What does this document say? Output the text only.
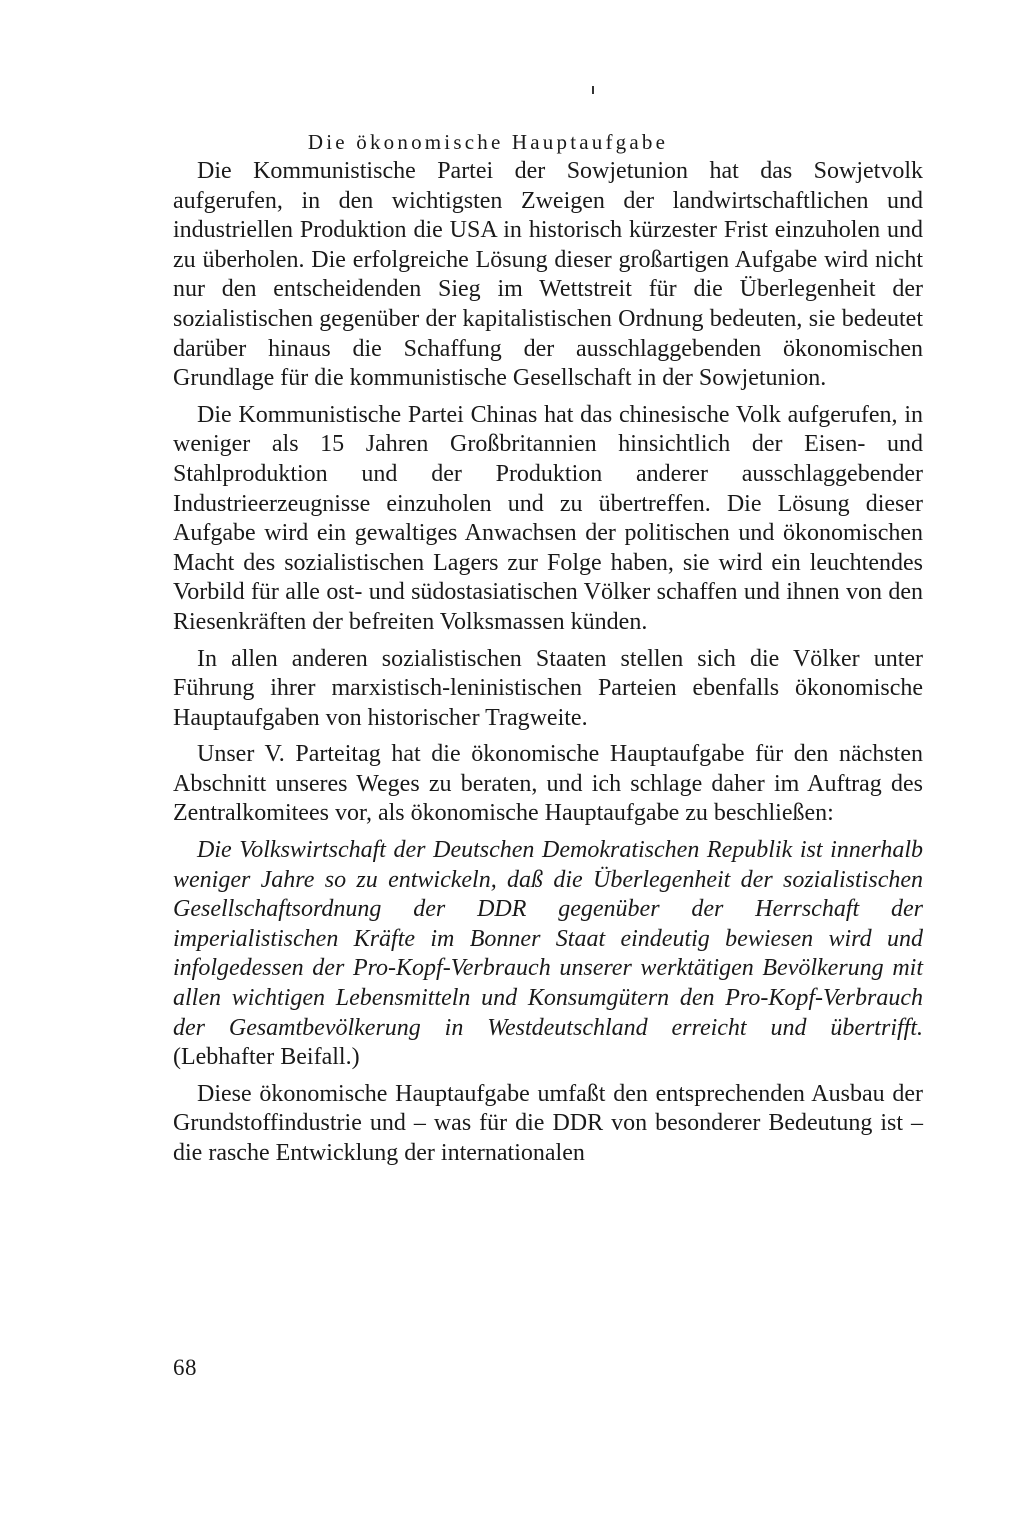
Die ökonomische Hauptaufgabe

Die Kommunistische Partei der Sowjetunion hat das Sowjetvolk aufgerufen, in den wichtigsten Zweigen der landwirtschaftlichen und industriellen Produktion die USA in historisch kürzester Frist einzuholen und zu überholen. Die erfolgreiche Lösung dieser großartigen Aufgabe wird nicht nur den entscheidenden Sieg im Wettstreit für die Überlegenheit der sozialistischen gegenüber der kapitalistischen Ordnung bedeuten, sie bedeutet darüber hinaus die Schaffung der ausschlaggebenden ökonomischen Grundlage für die kommunistische Gesellschaft in der Sowjetunion.

Die Kommunistische Partei Chinas hat das chinesische Volk aufgerufen, in weniger als 15 Jahren Großbritannien hinsichtlich der Eisen- und Stahlproduktion und der Produktion anderer ausschlaggebender Industrieerzeugnisse einzuholen und zu übertreffen. Die Lösung dieser Aufgabe wird ein gewaltiges Anwachsen der politischen und ökonomischen Macht des sozialistischen Lagers zur Folge haben, sie wird ein leuchtendes Vorbild für alle ost- und südostasiatischen Völker schaffen und ihnen von den Riesenkräften der befreiten Volksmassen künden.

In allen anderen sozialistischen Staaten stellen sich die Völker unter Führung ihrer marxistisch-leninistischen Parteien ebenfalls ökonomische Hauptaufgaben von historischer Tragweite.

Unser V. Parteitag hat die ökonomische Hauptaufgabe für den nächsten Abschnitt unseres Weges zu beraten, und ich schlage daher im Auftrag des Zentralkomitees vor, als ökonomische Hauptaufgabe zu beschließen:

Die Volkswirtschaft der Deutschen Demokratischen Republik ist innerhalb weniger Jahre so zu entwickeln, daß die Überlegenheit der sozialistischen Gesellschaftsordnung der DDR gegenüber der Herrschaft der imperialistischen Kräfte im Bonner Staat eindeutig bewiesen wird und infolgedessen der Pro-Kopf-Verbrauch unserer werktätigen Bevölkerung mit allen wichtigen Lebensmitteln und Konsumgütern den Pro-Kopf-Verbrauch der Gesamtbevölkerung in Westdeutschland erreicht und übertrifft. (Lebhafter Beifall.)

Diese ökonomische Hauptaufgabe umfaßt den entsprechenden Ausbau der Grundstoffindustrie und – was für die DDR von besonderer Bedeutung ist – die rasche Entwicklung der internationalen

68
